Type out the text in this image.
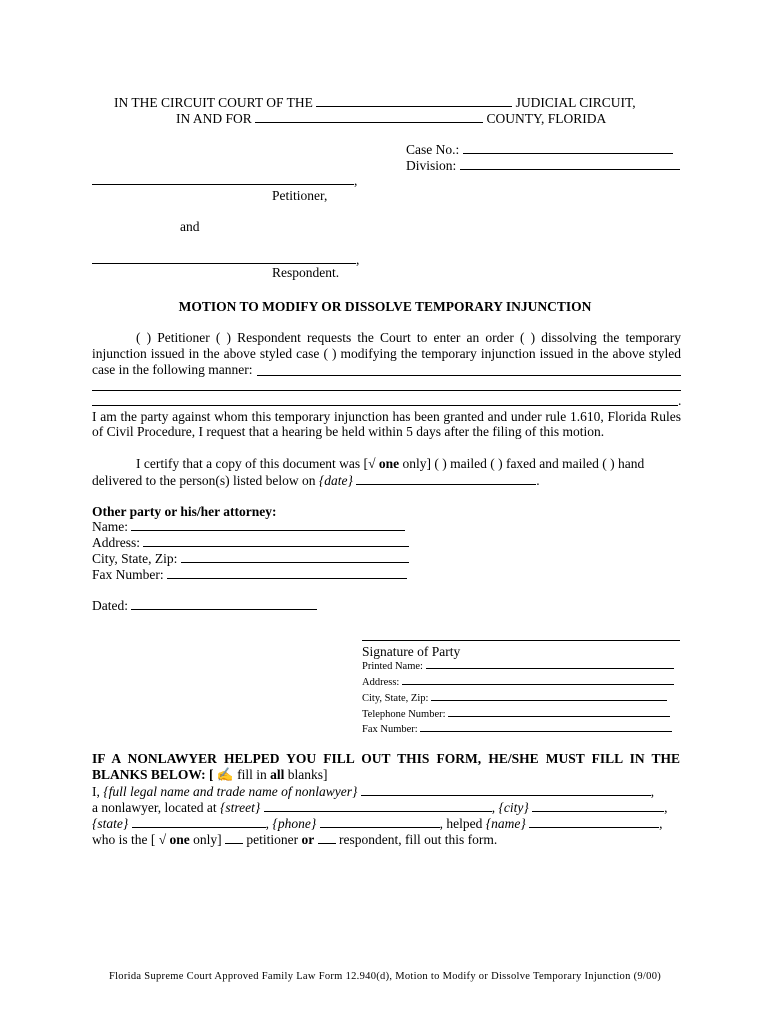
IN THE CIRCUIT COURT OF THE	JUDICIAL CIRCUIT,
IN AND FOR	COUNTY, FLORIDA
Case No.:
Division:
,
Petitioner,
and
,
Respondent.
MOTION TO MODIFY OR DISSOLVE TEMPORARY INJUNCTION
( ) Petitioner ( ) Respondent requests the Court to enter an order ( ) dissolving the temporary
injunction issued in the above styled case ( ) modifying the temporary injunction issued in the above styled
case in the following manner:
.
I am the party against whom this temporary injunction has been granted and under rule 1.610, Florida Rules
of Civil Procedure, I request that a hearing be held within 5 days after the filing of this motion.
I certify that a copy of this document was [√ one only] ( ) mailed ( ) faxed and mailed ( ) hand
delivered to the person(s) listed below on {date}	.
Other party or his/her attorney:
Name:
Address:
City, State, Zip:
Fax Number:
Dated:
Signature of Party
Printed Name:
Address:
City, State, Zip:
Telephone Number:
Fax Number:
IF A NONLAWYER HELPED YOU FILL OUT THIS FORM, HE/SHE MUST FILL IN THE
BLANKS BELOW: [ ✍ fill in all blanks]
I, {full legal name and trade name of nonlawyer}	,
a nonlawyer, located at {street}	, {city}	,
{state}	, {phone}	, helped {name}	,
who is the [ √ one only] petitioner or respondent, fill out this form.
Florida Supreme Court Approved Family Law Form 12.940(d), Motion to Modify or Dissolve Temporary Injunction (9/00)
